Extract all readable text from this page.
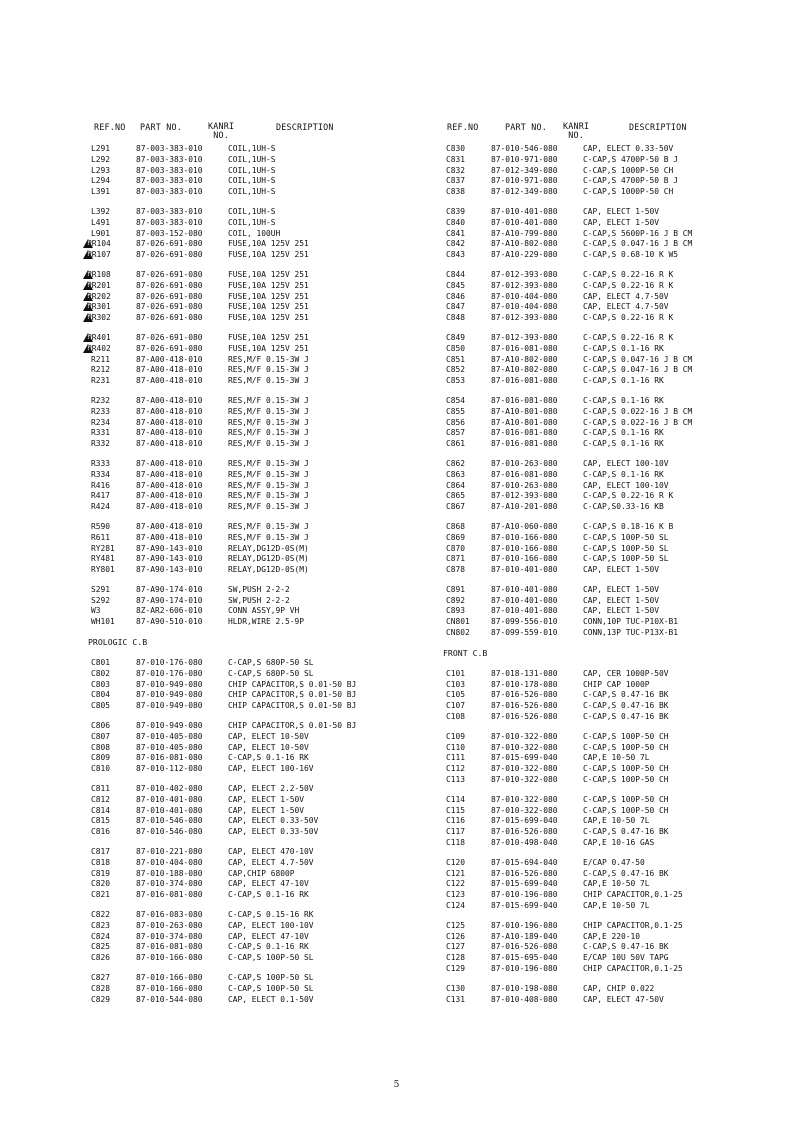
REF.NO PART NO.	KANRI
NO.
DESCRIPTION
L291	87-003-383-010	COIL,1UH-S
L292	87-003-383-010	COIL,1UH-S
L293	87-003-383-010	COIL,1UH-S
L294	87-003-383-010	COIL,1UH-S
L391	87-003-383-010	COIL,1UH-S
L392	87-003-383-010	COIL,1UH-S
L491	87-003-383-010	COIL,1UH-S
L901	87-003-152-080	COIL, 100UH
!
PR104	87-026-691-080	FUSE,10A 125V 251
!
PR107	87-026-691-080	FUSE,10A 125V 251
!
PR108	87-026-691-080	FUSE,10A 125V 251
!
PR201	87-026-691-080	FUSE,10A 125V 251
!
PR202	87-026-691-080	FUSE,10A 125V 251
!
PR301	87-026-691-080	FUSE,10A 125V 251
!
PR302	87-026-691-080	FUSE,10A 125V 251
!
PR401	87-026-691-080	FUSE,10A 125V 251
!
PR402	87-026-691-080	FUSE,10A 125V 251
R211	87-A00-418-010	RES,M/F 0.15-3W J
R212	87-A00-418-010	RES,M/F 0.15-3W J
R231	87-A00-418-010	RES,M/F 0.15-3W J
R232	87-A00-418-010	RES,M/F 0.15-3W J
R233	87-A00-418-010	RES,M/F 0.15-3W J
R234	87-A00-418-010	RES,M/F 0.15-3W J
R331	87-A00-418-010	RES,M/F 0.15-3W J
R332	87-A00-418-010	RES,M/F 0.15-3W J
R333	87-A00-418-010	RES,M/F 0.15-3W J
R334	87-A00-418-010	RES,M/F 0.15-3W J
R416	87-A00-418-010	RES,M/F 0.15-3W J
R417	87-A00-418-010	RES,M/F 0.15-3W J
R424	87-A00-418-010	RES,M/F 0.15-3W J
R590	87-A00-418-010	RES,M/F 0.15-3W J
R611	87-A00-418-010	RES,M/F 0.15-3W J
RY281	87-A90-143-010	RELAY,DG12D-0S(M)
RY481	87-A90-143-010	RELAY,DG12D-0S(M)
RY801	87-A90-143-010	RELAY,DG12D-0S(M)
S291	87-A90-174-010	SW,PUSH 2-2-2
S292	87-A90-174-010	SW,PUSH 2-2-2
W3	8Z-AR2-606-010	CONN ASSY,9P VH
WH101	87-A90-510-010	HLDR,WIRE 2.5-9P
PROLOGIC C.B
C801	87-010-176-080	C-CAP,S 680P-50 SL
C802	87-010-176-080	C-CAP,S 680P-50 SL
C803	87-010-949-080	CHIP CAPACITOR,S 0.01-50 BJ
C804	87-010-949-080	CHIP CAPACITOR,S 0.01-50 BJ
C805	87-010-949-080	CHIP CAPACITOR,S 0.01-50 BJ
C806	87-010-949-080	CHIP CAPACITOR,S 0.01-50 BJ
C807	87-010-405-080	CAP, ELECT 10-50V
C808	87-010-405-080	CAP, ELECT 10-50V
C809	87-016-081-080	C-CAP,S 0.1-16 RK
C810	87-010-112-080	CAP, ELECT 100-16V
C811	87-010-402-080	CAP, ELECT 2.2-50V
C812	87-010-401-080	CAP, ELECT 1-50V
C814	87-010-401-080	CAP, ELECT 1-50V
C815	87-010-546-080	CAP, ELECT 0.33-50V
C816	87-010-546-080	CAP, ELECT 0.33-50V
C817	87-010-221-080	CAP, ELECT 470-10V
C818	87-010-404-080	CAP, ELECT 4.7-50V
C819	87-010-188-080	CAP,CHIP 6800P
C820	87-010-374-080	CAP, ELECT 47-10V
C821	87-016-081-080	C-CAP,S 0.1-16 RK
C822	87-016-083-080	C-CAP,S 0.15-16 RK
C823	87-010-263-080	CAP, ELECT 100-10V
C824	87-010-374-080	CAP, ELECT 47-10V
C825	87-016-081-080	C-CAP,S 0.1-16 RK
C826	87-010-166-080	C-CAP,S 100P-50 SL
C827	87-010-166-080	C-CAP,S 100P-50 SL
C828	87-010-166-080	C-CAP,S 100P-50 SL
C829	87-010-544-080	CAP, ELECT 0.1-50V
REF.NO	PART NO. KANRI
NO.
DESCRIPTION
C830	87-010-546-080	CAP, ELECT 0.33-50V
C831	87-010-971-080	C-CAP,S 4700P-50 B J
C832	87-012-349-080	C-CAP,S 1000P-50 CH
C837	87-010-971-080	C-CAP,S 4700P-50 B J
C838	87-012-349-080	C-CAP,S 1000P-50 CH
C839	87-010-401-080	CAP, ELECT 1-50V
C840	87-010-401-080	CAP, ELECT 1-50V
C841	87-A10-799-080	C-CAP,S 5600P-16 J B CM
C842	87-A10-802-080	C-CAP,S 0.047-16 J B CM
C843	87-A10-229-080	C-CAP,S 0.68-10 K W5
C844	87-012-393-080	C-CAP,S 0.22-16 R K
C845	87-012-393-080	C-CAP,S 0.22-16 R K
C846	87-010-404-080	CAP, ELECT 4.7-50V
C847	87-010-404-080	CAP, ELECT 4.7-50V
C848	87-012-393-080	C-CAP,S 0.22-16 R K
C849	87-012-393-080	C-CAP,S 0.22-16 R K
C850	87-016-081-080	C-CAP,S 0.1-16 RK
C851	87-A10-802-080	C-CAP,S 0.047-16 J B CM
C852	87-A10-802-080	C-CAP,S 0.047-16 J B CM
C853	87-016-081-080	C-CAP,S 0.1-16 RK
C854	87-016-081-080	C-CAP,S 0.1-16 RK
C855	87-A10-801-080	C-CAP,S 0.022-16 J B CM
C856	87-A10-801-080	C-CAP,S 0.022-16 J B CM
C857	87-016-081-080	C-CAP,S 0.1-16 RK
C861	87-016-081-080	C-CAP,S 0.1-16 RK
C862	87-010-263-080	CAP, ELECT 100-10V
C863	87-016-081-080	C-CAP,S 0.1-16 RK
C864	87-010-263-080	CAP, ELECT 100-10V
C865	87-012-393-080	C-CAP,S 0.22-16 R K
C867	87-A10-201-080	C-CAP,S0.33-16 KB
C868	87-A10-060-080	C-CAP,S 0.18-16 K B
C869	87-010-166-080	C-CAP,S 100P-50 SL
C870	87-010-166-080	C-CAP,S 100P-50 SL
C871	87-010-166-080	C-CAP,S 100P-50 SL
C878	87-010-401-080	CAP, ELECT 1-50V
C891	87-010-401-080	CAP, ELECT 1-50V
C892	87-010-401-080	CAP, ELECT 1-50V
C893	87-010-401-080	CAP, ELECT 1-50V
CN801	87-099-556-010	CONN,10P TUC-P10X-B1
CN802	87-099-559-010	CONN,13P TUC-P13X-B1
FRONT C.B
C101	87-018-131-080	CAP, CER 1000P-50V
C103	87-010-178-080	CHIP CAP 1000P
C105	87-016-526-080	C-CAP,S 0.47-16 BK
C107	87-016-526-080	C-CAP,S 0.47-16 BK
C108	87-016-526-080	C-CAP,S 0.47-16 BK
C109	87-010-322-080	C-CAP,S 100P-50 CH
C110	87-010-322-080	C-CAP,S 100P-50 CH
C111	87-015-699-040	CAP,E 10-50 7L
C112	87-010-322-080	C-CAP,S 100P-50 CH
C113	87-010-322-080	C-CAP,S 100P-50 CH
C114	87-010-322-080	C-CAP,S 100P-50 CH
C115	87-010-322-080	C-CAP,S 100P-50 CH
C116	87-015-699-040	CAP,E 10-50 7L
C117	87-016-526-080	C-CAP,S 0.47-16 BK
C118	87-010-498-040	CAP,E 10-16 GAS
C120	87-015-694-040	E/CAP 0.47-50
C121	87-016-526-080	C-CAP,S 0.47-16 BK
C122	87-015-699-040	CAP,E 10-50 7L
C123	87-010-196-080	CHIP CAPACITOR,0.1-25
C124	87-015-699-040	CAP,E 10-50 7L
C125	87-010-196-080	CHIP CAPACITOR,0.1-25
C126	87-A10-189-040	CAP,E 220-10
C127	87-016-526-080	C-CAP,S 0.47-16 BK
C128	87-015-695-040	E/CAP 10U 50V TAPG
C129	87-010-196-080	CHIP CAPACITOR,0.1-25
C130	87-010-198-080	CAP, CHIP 0.022
C131	87-010-408-080	CAP, ELECT 47-50V
5
